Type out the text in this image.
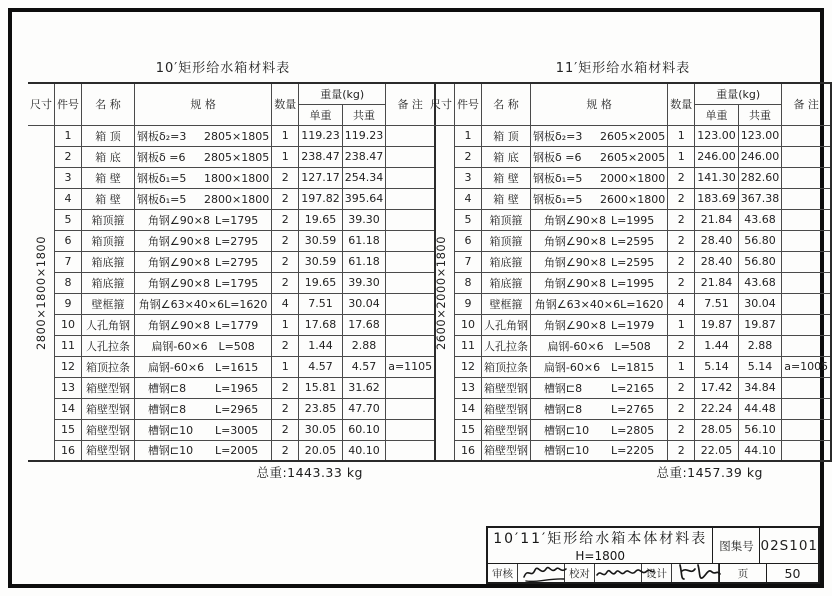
10′矩形给水箱材料表
尺寸	件号	名 称	规 格	数量	重量(kg)		备 注
					单重	共重	

2800×1800×1800	1	箱 顶	钢板δ₂=3 2805×1805	1	119.23	119.23	
	2	箱 底	钢板δ =6 2805×1805	1	238.47	238.47	
	3	箱 壁	钢板δ₁=5 1800×1800	2	127.17	254.34	
	4	箱 壁	钢板δ₁=5 2800×1800	2	197.82	395.64	
	5	箱顶箍	角钢∠90×8 L=1795	2	19.65	39.30	
	6	箱顶箍	角钢∠90×8 L=2795	2	30.59	61.18	
	7	箱底箍	角钢∠90×8 L=2795	2	30.59	61.18	
	8	箱底箍	角钢∠90×8 L=1795	2	19.65	39.30	
	9	壁框箍	角钢∠63×40×6L=1620	4	7.51	30.04	
	10	人孔角钢	角钢∠90×8 L=1779	1	17.68	17.68	
	11	人孔拉条	扁钢-60×6 L=508	2	1.44	2.88	
	12	箱顶拉条	扁钢-60×6 L=1615	1	4.57	4.57	a=1105
	13	箱壁型钢	槽钢⊏8 L=1965	2	15.81	31.62	
	14	箱壁型钢	槽钢⊏8 L=2965	2	23.85	47.70	
	15	箱壁型钢	槽钢⊏10 L=3005	2	30.05	60.10	
	16	箱壁型钢	槽钢⊏10 L=2005	2	20.05	40.10	
总重:1443.33 kg
11′矩形给水箱材料表
尺寸	件号	名 称	规 格	数量	重量(kg)		备 注
					单重	共重	

2600×2000×1800	1	箱 顶	钢板δ₂=3 2605×2005	1	123.00	123.00	
	2	箱 底	钢板δ =6 2605×2005	1	246.00	246.00	
	3	箱 壁	钢板δ₁=5 2000×1800	2	141.30	282.60	
	4	箱 壁	钢板δ₁=5 2600×1800	2	183.69	367.38	
	5	箱顶箍	角钢∠90×8 L=1995	2	21.84	43.68	
	6	箱顶箍	角钢∠90×8 L=2595	2	28.40	56.80	
	7	箱底箍	角钢∠90×8 L=2595	2	28.40	56.80	
	8	箱底箍	角钢∠90×8 L=1995	2	21.84	43.68	
	9	壁框箍	角钢∠63×40×6L=1620	4	7.51	30.04	
	10	人孔角钢	角钢∠90×8 L=1979	1	19.87	19.87	
	11	人孔拉条	扁钢-60×6 L=508	2	1.44	2.88	
	12	箱顶拉条	扁钢-60×6 L=1815	1	5.14	5.14	a=1005
	13	箱壁型钢	槽钢⊏8 L=2165	2	17.42	34.84	
	14	箱壁型钢	槽钢⊏8 L=2765	2	22.24	44.48	
	15	箱壁型钢	槽钢⊏10 L=2805	2	28.05	56.10	
	16	箱壁型钢	槽钢⊏10 L=2205	2	22.05	44.10	
总重:1457.39 kg
10′11′矩形给水箱本体材料表
H=1800
图集号 02S101
审核	校对	设计	页	50
